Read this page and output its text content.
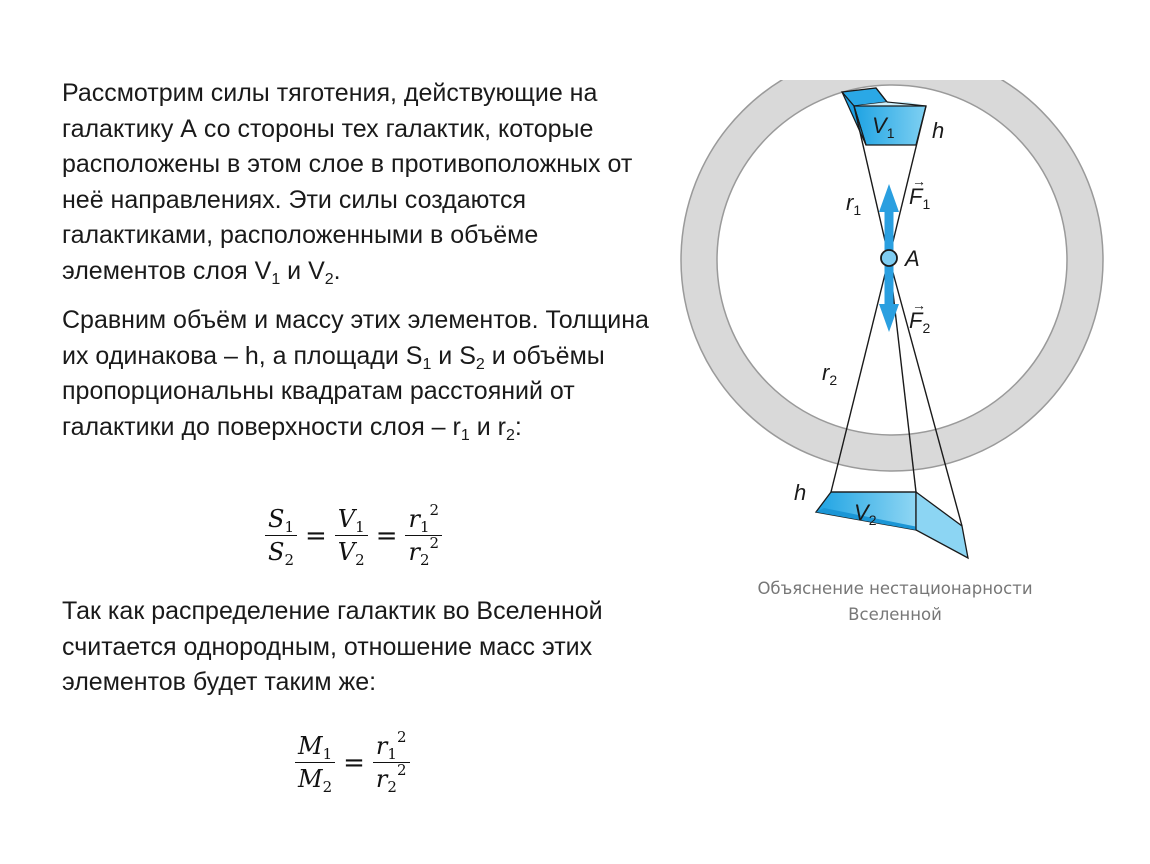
Рассмотрим силы тяготения, действующие на галактику А со стороны тех галактик, которые расположены в этом слое в противоположных от неё направлениях. Эти силы создаются галактиками, расположенными в объёме элементов слоя $V_1$ и $V_2$.

Сравним объём и массу этих элементов. Толщина их одинакова – h, а площади $S_1$ и $S_2$ и объёмы пропорциональны квадратам расстояний от галактики до поверхности слоя – $r_1$ и $r_2$:

$\frac{S_1}{S_2} = \frac{V_1}{V_2} = \frac{r_1^2}{r_2^2}$

Так как распределение галактик во Вселенной считается однородным, отношение масс этих элементов будет таким же:

$\frac{M_1}{M_2} = \frac{r_1^2}{r_2^2}$
$V_1$ h
$r_1$
→
$F_1$
A
→
$F_2$
$r_2$
h
$V_2$
Объяснение нестационарности
Вселенной
